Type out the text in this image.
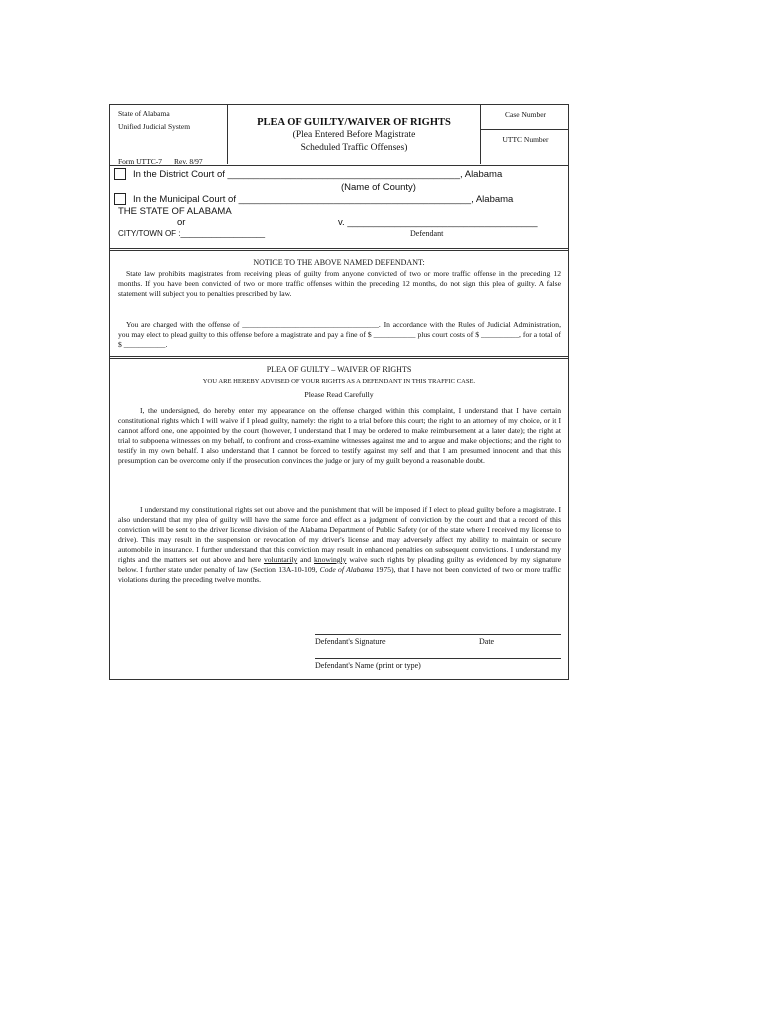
State of Alabama
Unified Judicial System	PLEA OF GUILTY/WAIVER OF RIGHTS
(Plea Entered Before Magistrate
Scheduled Traffic Offenses)
Case Number
UTTC Number
Form UTTC-7 Rev. 8/97
In the District Court of ____________________________________________, Alabama
(Name of County)
In the Municipal Court of ____________________________________________, Alabama
THE STATE OF ALABAMA
or	v. ____________________________________
CITY/TOWN OF :___________________	Defendant
NOTICE TO THE ABOVE NAMED DEFENDANT:
State law prohibits magistrates from receiving pleas of guilty from anyone convicted of two or more traffic offense in the preceding 12 months. If you have been convicted of two or more traffic offenses within the preceding 12 months, do not sign this plea of guilty. A false statement will subject you to penalties prescribed by law.
You are charged with the offense of ____________________________________. In accordance with the Rules of Judicial Administration, you may elect to plead guilty to this offense before a magistrate and pay a fine of $ ___________ plus court costs of $ __________, for a total of $ ___________.
PLEA OF GUILTY – WAIVER OF RIGHTS
YOU ARE HEREBY ADVISED OF YOUR RIGHTS AS A DEFENDANT IN THIS TRAFFIC CASE.
Please Read Carefully
I, the undersigned, do hereby enter my appearance on the offense charged within this complaint, I understand that I have certain constitutional rights which I will waive if I plead guilty, namely: the right to a trial before this court; the right to an attorney of my choice, or it I cannot afford one, one appointed by the court (however, I understand that I may be ordered to make reimbursement at a later date); the right at trial to subpoena witnesses on my behalf, to confront and cross-examine witnesses against me and to argue and make objections; and the right to testify in my own behalf. I also understand that I cannot be forced to testify against my self and that I am presumed innocent and that this presumption can be overcome only if the prosecution convinces the judge or jury of my guilt beyond a reasonable doubt.
I understand my constitutional rights set out above and the punishment that will be imposed if I elect to plead guilty before a magistrate. I also understand that my plea of guilty will have the same force and effect as a judgment of conviction by the court and that a record of this conviction will be sent to the driver license division of the Alabama Department of Public Safety (or of the state where I received my license to drive). This may result in the suspension or revocation of my driver's license and may adversely affect my ability to maintain or secure automobile in insurance. I further understand that this conviction may result in enhanced penalties on subsequent convictions. I understand my rights and the matters set out above and here voluntarily and knowingly waive such rights by pleading guilty as evidenced by my signature below. I further state under penalty of law (Section 13A-10-109, Code of Alabama 1975), that I have not been convicted of two or more traffic violations during the preceding twelve months.
Defendant's Signature	Date
Defendant's Name (print or type)
